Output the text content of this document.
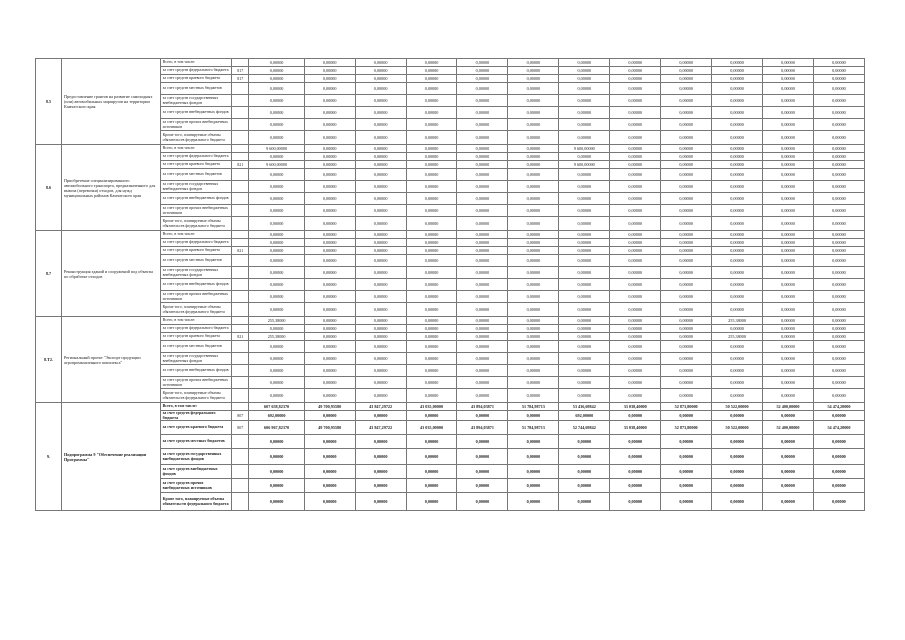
8.5	Предоставление грантов на развитие самоходных (или) автомобильных маршрутов на территории Камчатского края	Всего, в том числе:		0,00000	0,00000	0,00000	0,00000	0,00000	0,00000	0,00000	0,00000	0,00000	0,00000	0,00000	0,00000
		за счет средств федерального бюджета	817	0,00000	0,00000	0,00000	0,00000	0,00000	0,00000	0,00000	0,00000	0,00000	0,00000	0,00000	0,00000
		за счет средств краевого бюджета	817	0,00000	0,00000	0,00000	0,00000	0,00000	0,00000	0,00000	0,00000	0,00000	0,00000	0,00000	0,00000
		за счет средств местных бюджетов		0,00000	0,00000	0,00000	0,00000	0,00000	0,00000	0,00000	0,00000	0,00000	0,00000	0,00000	0,00000
		за счет средств государственных внебюджетных фондов		0,00000	0,00000	0,00000	0,00000	0,00000	0,00000	0,00000	0,00000	0,00000	0,00000	0,00000	0,00000
		за счет средств внебюджетных фондов		0,00000	0,00000	0,00000	0,00000	0,00000	0,00000	0,00000	0,00000	0,00000	0,00000	0,00000	0,00000
		за счет средств прочих внебюджетных источников		0,00000	0,00000	0,00000	0,00000	0,00000	0,00000	0,00000	0,00000	0,00000	0,00000	0,00000	0,00000
		Кроме того, планируемые объемы обязательств федерального бюджета		0,00000	0,00000	0,00000	0,00000	0,00000	0,00000	0,00000	0,00000	0,00000	0,00000	0,00000	0,00000
8.6	Приобретение специализированного автомобильного транспорта, предназначенного для вывоза (перевозки) отходов, для нужд муниципальных районов Камчатского края	Всего, в том числе:		9 600,00000	0,00000	0,00000	0,00000	0,00000	0,00000	9 600,00000	0,00000	0,00000	0,00000	0,00000	0,00000
		за счет средств федерального бюджета		0,00000	0,00000	0,00000	0,00000	0,00000	0,00000	0,00000	0,00000	0,00000	0,00000	0,00000	0,00000
		за счет средств краевого бюджета	821	9 600,00000	0,00000	0,00000	0,00000	0,00000	0,00000	9 600,00000	0,00000	0,00000	0,00000	0,00000	0,00000
		за счет средств местных бюджетов		0,00000	0,00000	0,00000	0,00000	0,00000	0,00000	0,00000	0,00000	0,00000	0,00000	0,00000	0,00000
		за счет средств государственных внебюджетных фондов		0,00000	0,00000	0,00000	0,00000	0,00000	0,00000	0,00000	0,00000	0,00000	0,00000	0,00000	0,00000
		за счет средств внебюджетных фондов		0,00000	0,00000	0,00000	0,00000	0,00000	0,00000	0,00000	0,00000	0,00000	0,00000	0,00000	0,00000
		за счет средств прочих внебюджетных источников		0,00000	0,00000	0,00000	0,00000	0,00000	0,00000	0,00000	0,00000	0,00000	0,00000	0,00000	0,00000
		Кроме того, планируемые объемы обязательств федерального бюджета		0,00000	0,00000	0,00000	0,00000	0,00000	0,00000	0,00000	0,00000	0,00000	0,00000	0,00000	0,00000
8.7	Реконструкция зданий и сооружений под объекты по обработке отходов	Всего, в том числе:		0,00000	0,00000	0,00000	0,00000	0,00000	0,00000	0,00000	0,00000	0,00000	0,00000	0,00000	0,00000
		за счет средств федерального бюджета		0,00000	0,00000	0,00000	0,00000	0,00000	0,00000	0,00000	0,00000	0,00000	0,00000	0,00000	0,00000
		за счет средств краевого бюджета	821	0,00000	0,00000	0,00000	0,00000	0,00000	0,00000	0,00000	0,00000	0,00000	0,00000	0,00000	0,00000
		за счет средств местных бюджетов		0,00000	0,00000	0,00000	0,00000	0,00000	0,00000	0,00000	0,00000	0,00000	0,00000	0,00000	0,00000
		за счет средств государственных внебюджетных фондов		0,00000	0,00000	0,00000	0,00000	0,00000	0,00000	0,00000	0,00000	0,00000	0,00000	0,00000	0,00000
		за счет средств внебюджетных фондов		0,00000	0,00000	0,00000	0,00000	0,00000	0,00000	0,00000	0,00000	0,00000	0,00000	0,00000	0,00000
		за счет средств прочих внебюджетных источников		0,00000	0,00000	0,00000	0,00000	0,00000	0,00000	0,00000	0,00000	0,00000	0,00000	0,00000	0,00000
		Кроме того, планируемые объемы обязательств федерального бюджета		0,00000	0,00000	0,00000	0,00000	0,00000	0,00000	0,00000	0,00000	0,00000	0,00000	0,00000	0,00000
8.Т2.	Региональный проект "Экспорт продукции агропромышленного комплекса"	Всего, в том числе:		255,38000	0,00000	0,00000	0,00000	0,00000	0,00000	0,00000	0,00000	0,00000	255,38000	0,00000	0,00000
		за счет средств федерального бюджета		0,00000	0,00000	0,00000	0,00000	0,00000	0,00000	0,00000	0,00000	0,00000	0,00000	0,00000	0,00000
		за счет средств краевого бюджета	821	255,38000	0,00000	0,00000	0,00000	0,00000	0,00000	0,00000	0,00000	0,00000	255,38000	0,00000	0,00000
		за счет средств местных бюджетов		0,00000	0,00000	0,00000	0,00000	0,00000	0,00000	0,00000	0,00000	0,00000	0,00000	0,00000	0,00000
		за счет средств государственных внебюджетных фондов		0,00000	0,00000	0,00000	0,00000	0,00000	0,00000	0,00000	0,00000	0,00000	0,00000	0,00000	0,00000
		за счет средств внебюджетных фондов		0,00000	0,00000	0,00000	0,00000	0,00000	0,00000	0,00000	0,00000	0,00000	0,00000	0,00000	0,00000
		за счет средств прочих внебюджетных источников		0,00000	0,00000	0,00000	0,00000	0,00000	0,00000	0,00000	0,00000	0,00000	0,00000	0,00000	0,00000
		Кроме того, планируемые объемы обязательств федерального бюджета		0,00000	0,00000	0,00000	0,00000	0,00000	0,00000	0,00000	0,00000	0,00000	0,00000	0,00000	0,00000
9.	Подпрограмма 9 "Обеспечение реализации Программы"	Всего, в том числе:		607 658,82370	49 700,95580	43 847,29722	43 035,00000	43 894,03871	51 784,98713	53 436,69842	33 038,40000	52 873,80000	50 522,00000	52 400,00000	54 474,20000
		за счет средств федерального бюджета	807	692,00000	0,00000	0,00000	0,00000	0,00000	0,00000	692,00000	0,00000	0,00000	0,00000	0,00000	0,00000
		за счет средств краевого бюджета	807	606 967,82370	49 700,95580	43 847,29722	43 035,00000	43 894,03871	51 784,98713	52 744,69842	33 038,40000	52 873,80000	50 522,00000	52 400,00000	54 474,20000
		за счет средств местных бюджетов		0,00000	0,00000	0,00000	0,00000	0,00000	0,00000	0,00000	0,00000	0,00000	0,00000	0,00000	0,00000
		за счет средств государственных внебюджетных фондов		0,00000	0,00000	0,00000	0,00000	0,00000	0,00000	0,00000	0,00000	0,00000	0,00000	0,00000	0,00000
		за счет средств внебюджетных фондов		0,00000	0,00000	0,00000	0,00000	0,00000	0,00000	0,00000	0,00000	0,00000	0,00000	0,00000	0,00000
		за счет средств прочих внебюджетных источников		0,00000	0,00000	0,00000	0,00000	0,00000	0,00000	0,00000	0,00000	0,00000	0,00000	0,00000	0,00000
		Кроме того, планируемые объемы обязательств федерального бюджета		0,00000	0,00000	0,00000	0,00000	0,00000	0,00000	0,00000	0,00000	0,00000	0,00000	0,00000	0,00000
